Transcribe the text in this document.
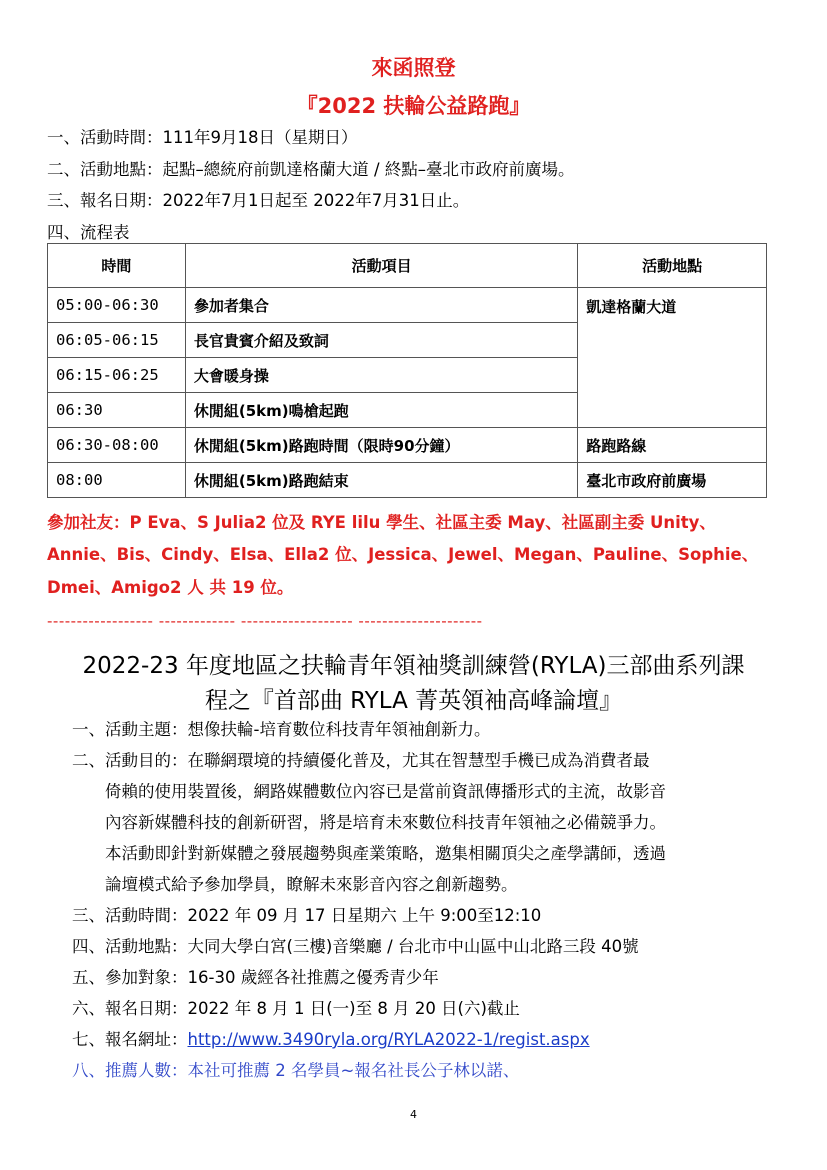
來函照登
『2022 扶輪公益路跑』
一、活動時間：111年9月18日（星期日）
二、活動地點：起點–總統府前凱達格蘭大道 / 終點–臺北市政府前廣場。
三、報名日期：2022年7月1日起至 2022年7月31日止。
四、流程表
時間	活動項目	活動地點
05:00-06:30	參加者集合	凱達格蘭大道
06:05-06:15	長官貴賓介紹及致詞	
06:15-06:25	大會暖身操	
06:30	休閒組(5km)鳴槍起跑	
06:30-08:00	休閒組(5km)路跑時間（限時90分鐘）	路跑路線
08:00	休閒組(5km)路跑結束	臺北市政府前廣場
參加社友：P Eva、S Julia2 位及 RYE lilu 學生、社區主委 May、社區副主委 Unity、
Annie、Bis、Cindy、Elsa、Ella2 位、Jessica、Jewel、Megan、Pauline、Sophie、
Dmei、Amigo2 人 共 19 位。
------------------ ------------- ------------------- ---------------------
2022-23 年度地區之扶輪青年領袖獎訓練營(RYLA)三部曲系列課
程之『首部曲 RYLA 菁英領袖高峰論壇』
一、活動主題：想像扶輪-培育數位科技青年領袖創新力。
二、活動目的：在聯網環境的持續優化普及，尤其在智慧型手機已成為消費者最
倚賴的使用裝置後，網路媒體數位內容已是當前資訊傳播形式的主流，故影音
內容新媒體科技的創新研習，將是培育未來數位科技青年領袖之必備競爭力。
本活動即針對新媒體之發展趨勢與產業策略，邀集相關頂尖之產學講師，透過
論壇模式給予參加學員，瞭解未來影音內容之創新趨勢。
三、活動時間：2022 年 09 月 17 日星期六 上午 9:00至12:10
四、活動地點：大同大學白宮(三樓)音樂廳 / 台北市中山區中山北路三段 40號
五、參加對象：16-30 歲經各社推薦之優秀青少年
六、報名日期：2022 年 8 月 1 日(一)至 8 月 20 日(六)截止
七、報名網址：http://www.3490ryla.org/RYLA2022-1/regist.aspx
八、推薦人數：本社可推薦 2 名學員~報名社長公子林以諾、
4
